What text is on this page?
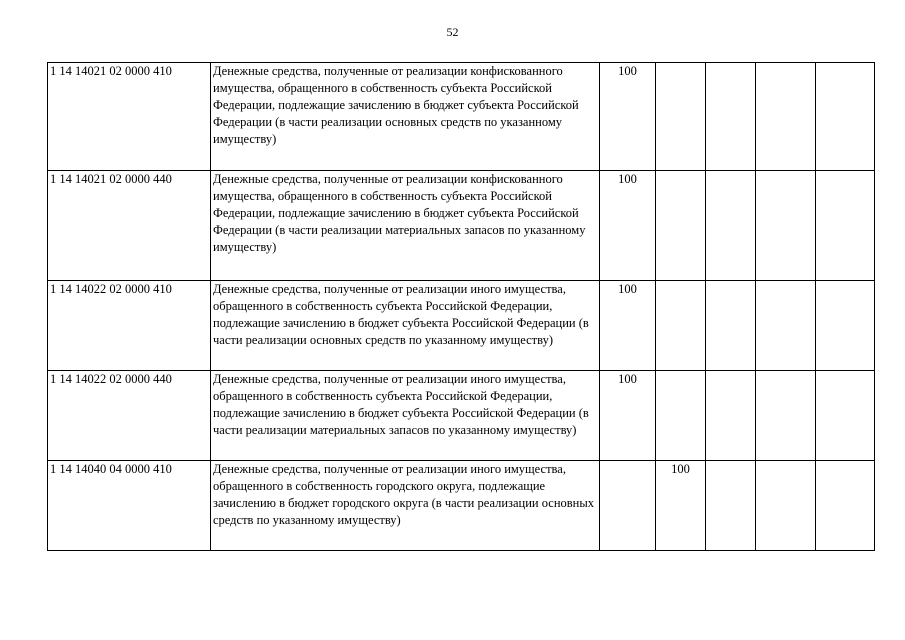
52
1 14 14021 02 0000 410	Денежные средства, полученные от реализации конфискованного имущества, обращенного в собственность субъекта Российской Федерации, подлежащие зачислению в бюджет субъекта Российской Федерации (в части реализации основных средств по указанному имуществу)	100				
1 14 14021 02 0000 440	Денежные средства, полученные от реализации конфискованного имущества, обращенного в собственность субъекта Российской Федерации, подлежащие зачислению в бюджет субъекта Российской Федерации (в части реализации материальных запасов по указанному имуществу)	100				
1 14 14022 02 0000 410	Денежные средства, полученные от реализации иного имущества, обращенного в собственность субъекта Российской Федерации, подлежащие зачислению в бюджет субъекта Российской Федерации (в части реализации основных средств по указанному имуществу)	100				
1 14 14022 02 0000 440	Денежные средства, полученные от реализации иного имущества, обращенного в собственность субъекта Российской Федерации, подлежащие зачислению в бюджет субъекта Российской Федерации (в части реализации материальных запасов по указанному имуществу)	100				
1 14 14040 04 0000 410	Денежные средства, полученные от реализации иного имущества, обращенного в собственность городского округа, подлежащие зачислению в бюджет городского округа (в части реализации основных средств по указанному имуществу)		100			
